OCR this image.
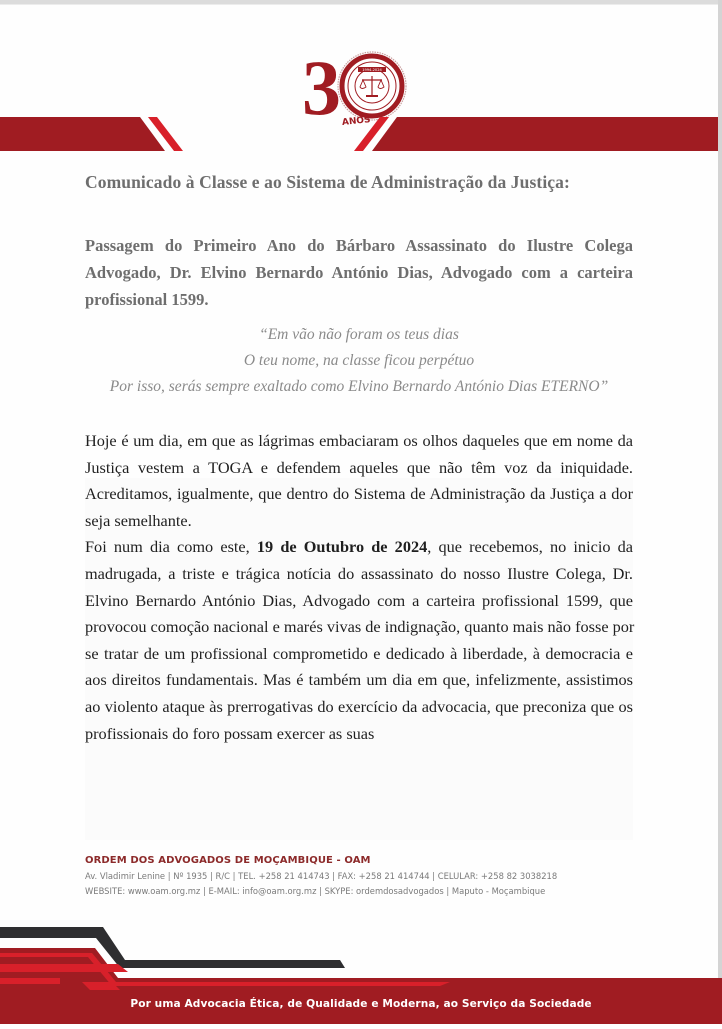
3	1994-2024
ANOS
Comunicado à Classe e ao Sistema de Administração da Justiça:
Passagem do Primeiro Ano do Bárbaro Assassinato do Ilustre Colega
Advogado, Dr. Elvino Bernardo António Dias, Advogado com a carteira
profissional 1599.
“Em vão não foram os teus dias
O teu nome, na classe ficou perpétuo
Por isso, serás sempre exaltado como Elvino Bernardo António Dias ETERNO”
Hoje é um dia, em que as lágrimas embaciaram os olhos daqueles que em nome da
Justiça vestem a TOGA e defendem aqueles que não têm voz da iniquidade.
Acreditamos, igualmente, que dentro do Sistema de Administração da Justiça a dor
seja semelhante.
Foi num dia como este, 19 de Outubro de 2024, que recebemos, no inicio da
madrugada, a triste e trágica notícia do assassinato do nosso Ilustre Colega, Dr.
Elvino Bernardo António Dias, Advogado com a carteira profissional 1599, que
provocou comoção nacional e marés vivas de indignação, quanto mais não fosse por
se tratar de um profissional comprometido e dedicado à liberdade, à democracia e
aos direitos fundamentais. Mas é também um dia em que, infelizmente, assistimos
ao violento ataque às prerrogativas do exercício da advocacia, que preconiza que os
profissionais do foro possam exercer as suas
ORDEM DOS ADVOGADOS DE MOÇAMBIQUE - OAM
Av. Vladimir Lenine | Nº 1935 | R/C | TEL. +258 21 414743 | FAX: +258 21 414744 | CELULAR: +258 82 3038218
WEBSITE: www.oam.org.mz | E-MAIL: info@oam.org.mz | SKYPE: ordemdosadvogados | Maputo - Moçambique
Por uma Advocacia Ética, de Qualidade e Moderna, ao Serviço da Sociedade
